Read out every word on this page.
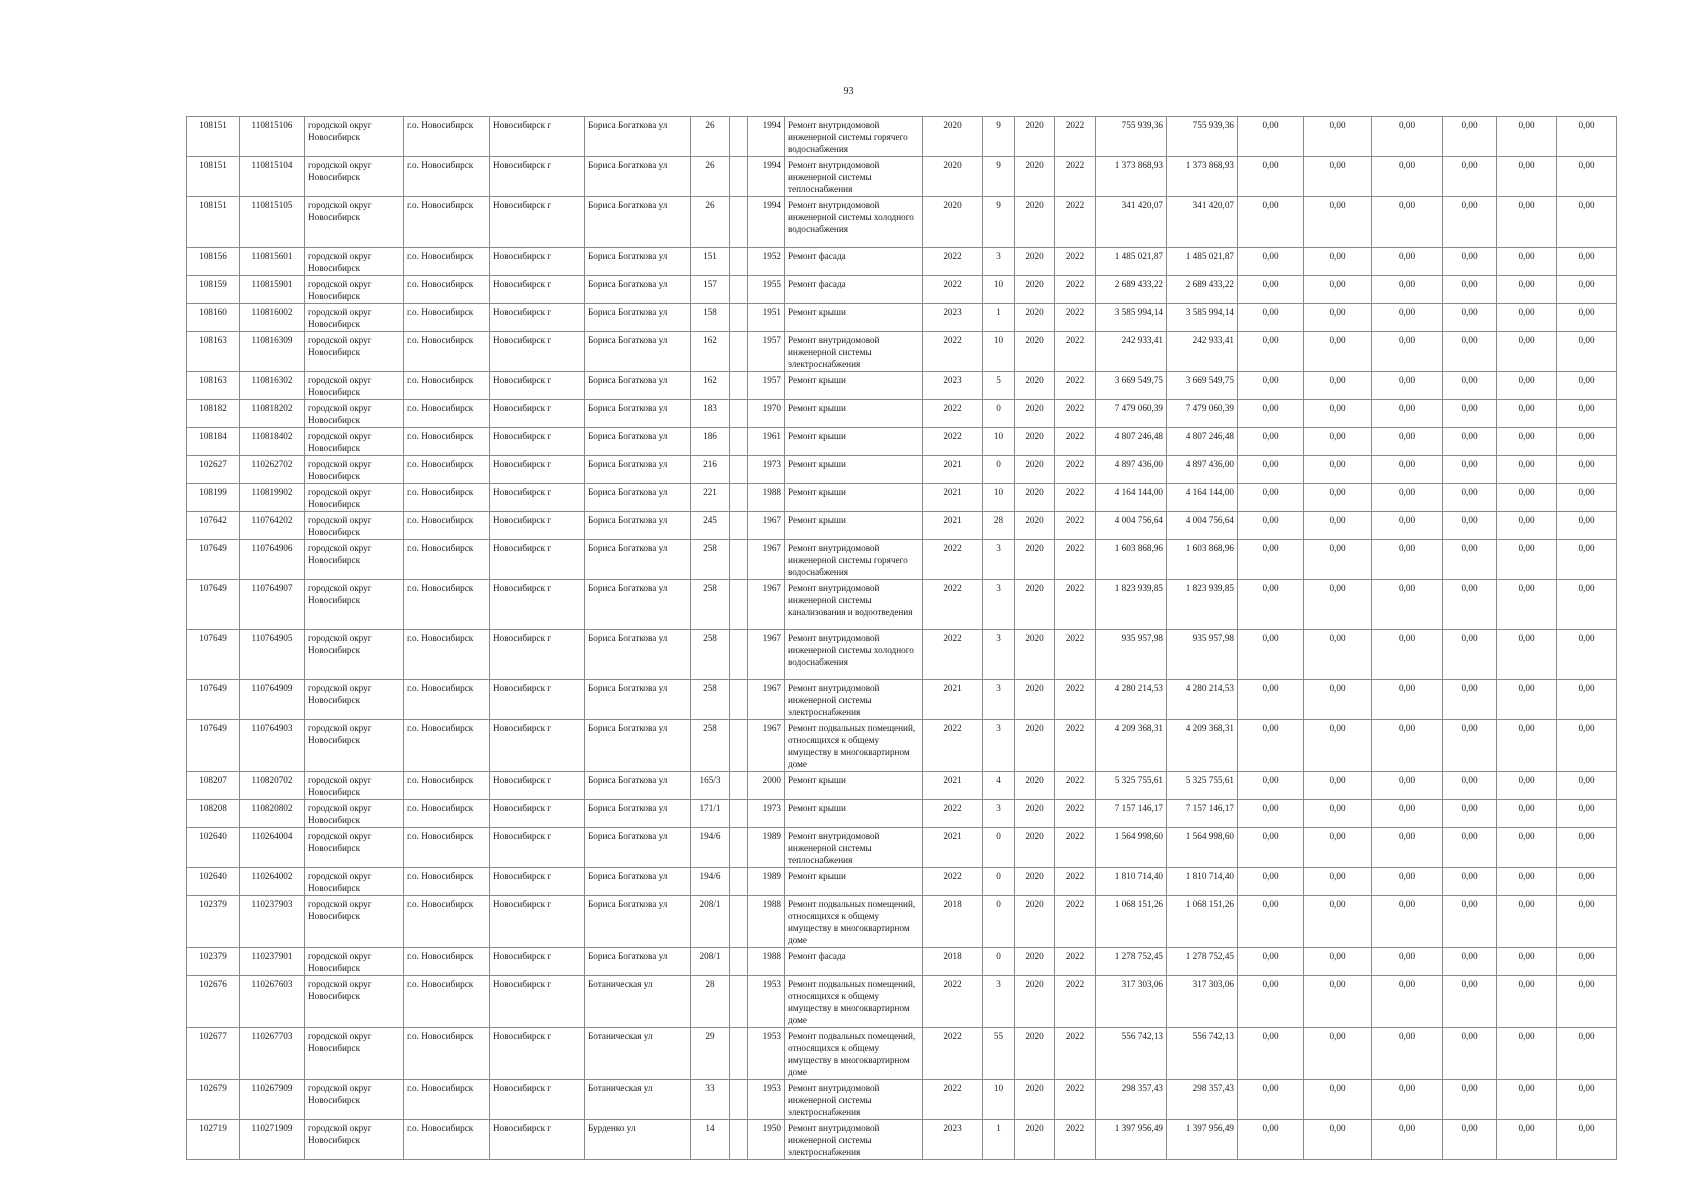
93
108151	110815106	городской округ Новосибирск	г.о. Новосибирск	Новосибирск г	Бориса Богаткова ул	26		1994	Ремонт внутридомовой инженерной системы горячего водоснабжения	2020	9	2020	2022	755 939,36	755 939,36	0,00	0,00	0,00	0,00	0,00	0,00
108151	110815104	городской округ Новосибирск	г.о. Новосибирск	Новосибирск г	Бориса Богаткова ул	26		1994	Ремонт внутридомовой инженерной системы теплоснабжения	2020	9	2020	2022	1 373 868,93	1 373 868,93	0,00	0,00	0,00	0,00	0,00	0,00
108151	110815105	городской округ Новосибирск	г.о. Новосибирск	Новосибирск г	Бориса Богаткова ул	26		1994	Ремонт внутридомовой инженерной системы холодного водоснабжения	2020	9	2020	2022	341 420,07	341 420,07	0,00	0,00	0,00	0,00	0,00	0,00
108156	110815601	городской округ Новосибирск	г.о. Новосибирск	Новосибирск г	Бориса Богаткова ул	151		1952	Ремонт фасада	2022	3	2020	2022	1 485 021,87	1 485 021,87	0,00	0,00	0,00	0,00	0,00	0,00
108159	110815901	городской округ Новосибирск	г.о. Новосибирск	Новосибирск г	Бориса Богаткова ул	157		1955	Ремонт фасада	2022	10	2020	2022	2 689 433,22	2 689 433,22	0,00	0,00	0,00	0,00	0,00	0,00
108160	110816002	городской округ Новосибирск	г.о. Новосибирск	Новосибирск г	Бориса Богаткова ул	158		1951	Ремонт крыши	2023	1	2020	2022	3 585 994,14	3 585 994,14	0,00	0,00	0,00	0,00	0,00	0,00
108163	110816309	городской округ Новосибирск	г.о. Новосибирск	Новосибирск г	Бориса Богаткова ул	162		1957	Ремонт внутридомовой инженерной системы электроснабжения	2022	10	2020	2022	242 933,41	242 933,41	0,00	0,00	0,00	0,00	0,00	0,00
108163	110816302	городской округ Новосибирск	г.о. Новосибирск	Новосибирск г	Бориса Богаткова ул	162		1957	Ремонт крыши	2023	5	2020	2022	3 669 549,75	3 669 549,75	0,00	0,00	0,00	0,00	0,00	0,00
108182	110818202	городской округ Новосибирск	г.о. Новосибирск	Новосибирск г	Бориса Богаткова ул	183		1970	Ремонт крыши	2022	0	2020	2022	7 479 060,39	7 479 060,39	0,00	0,00	0,00	0,00	0,00	0,00
108184	110818402	городской округ Новосибирск	г.о. Новосибирск	Новосибирск г	Бориса Богаткова ул	186		1961	Ремонт крыши	2022	10	2020	2022	4 807 246,48	4 807 246,48	0,00	0,00	0,00	0,00	0,00	0,00
102627	110262702	городской округ Новосибирск	г.о. Новосибирск	Новосибирск г	Бориса Богаткова ул	216		1973	Ремонт крыши	2021	0	2020	2022	4 897 436,00	4 897 436,00	0,00	0,00	0,00	0,00	0,00	0,00
108199	110819902	городской округ Новосибирск	г.о. Новосибирск	Новосибирск г	Бориса Богаткова ул	221		1988	Ремонт крыши	2021	10	2020	2022	4 164 144,00	4 164 144,00	0,00	0,00	0,00	0,00	0,00	0,00
107642	110764202	городской округ Новосибирск	г.о. Новосибирск	Новосибирск г	Бориса Богаткова ул	245		1967	Ремонт крыши	2021	28	2020	2022	4 004 756,64	4 004 756,64	0,00	0,00	0,00	0,00	0,00	0,00
107649	110764906	городской округ Новосибирск	г.о. Новосибирск	Новосибирск г	Бориса Богаткова ул	258		1967	Ремонт внутридомовой инженерной системы горячего водоснабжения	2022	3	2020	2022	1 603 868,96	1 603 868,96	0,00	0,00	0,00	0,00	0,00	0,00
107649	110764907	городской округ Новосибирск	г.о. Новосибирск	Новосибирск г	Бориса Богаткова ул	258		1967	Ремонт внутридомовой инженерной системы канализования и водоотведения	2022	3	2020	2022	1 823 939,85	1 823 939,85	0,00	0,00	0,00	0,00	0,00	0,00
107649	110764905	городской округ Новосибирск	г.о. Новосибирск	Новосибирск г	Бориса Богаткова ул	258		1967	Ремонт внутридомовой инженерной системы холодного водоснабжения	2022	3	2020	2022	935 957,98	935 957,98	0,00	0,00	0,00	0,00	0,00	0,00
107649	110764909	городской округ Новосибирск	г.о. Новосибирск	Новосибирск г	Бориса Богаткова ул	258		1967	Ремонт внутридомовой инженерной системы электроснабжения	2021	3	2020	2022	4 280 214,53	4 280 214,53	0,00	0,00	0,00	0,00	0,00	0,00
107649	110764903	городской округ Новосибирск	г.о. Новосибирск	Новосибирск г	Бориса Богаткова ул	258		1967	Ремонт подвальных помещений, относящихся к общему имуществу в многоквартирном доме	2022	3	2020	2022	4 209 368,31	4 209 368,31	0,00	0,00	0,00	0,00	0,00	0,00
108207	110820702	городской округ Новосибирск	г.о. Новосибирск	Новосибирск г	Бориса Богаткова ул	165/3		2000	Ремонт крыши	2021	4	2020	2022	5 325 755,61	5 325 755,61	0,00	0,00	0,00	0,00	0,00	0,00
108208	110820802	городской округ Новосибирск	г.о. Новосибирск	Новосибирск г	Бориса Богаткова ул	171/1		1973	Ремонт крыши	2022	3	2020	2022	7 157 146,17	7 157 146,17	0,00	0,00	0,00	0,00	0,00	0,00
102640	110264004	городской округ Новосибирск	г.о. Новосибирск	Новосибирск г	Бориса Богаткова ул	194/6		1989	Ремонт внутридомовой инженерной системы теплоснабжения	2021	0	2020	2022	1 564 998,60	1 564 998,60	0,00	0,00	0,00	0,00	0,00	0,00
102640	110264002	городской округ Новосибирск	г.о. Новосибирск	Новосибирск г	Бориса Богаткова ул	194/6		1989	Ремонт крыши	2022	0	2020	2022	1 810 714,40	1 810 714,40	0,00	0,00	0,00	0,00	0,00	0,00
102379	110237903	городской округ Новосибирск	г.о. Новосибирск	Новосибирск г	Бориса Богаткова ул	208/1		1988	Ремонт подвальных помещений, относящихся к общему имуществу в многоквартирном доме	2018	0	2020	2022	1 068 151,26	1 068 151,26	0,00	0,00	0,00	0,00	0,00	0,00
102379	110237901	городской округ Новосибирск	г.о. Новосибирск	Новосибирск г	Бориса Богаткова ул	208/1		1988	Ремонт фасада	2018	0	2020	2022	1 278 752,45	1 278 752,45	0,00	0,00	0,00	0,00	0,00	0,00
102676	110267603	городской округ Новосибирск	г.о. Новосибирск	Новосибирск г	Ботаническая ул	28		1953	Ремонт подвальных помещений, относящихся к общему имуществу в многоквартирном доме	2022	3	2020	2022	317 303,06	317 303,06	0,00	0,00	0,00	0,00	0,00	0,00
102677	110267703	городской округ Новосибирск	г.о. Новосибирск	Новосибирск г	Ботаническая ул	29		1953	Ремонт подвальных помещений, относящихся к общему имуществу в многоквартирном доме	2022	55	2020	2022	556 742,13	556 742,13	0,00	0,00	0,00	0,00	0,00	0,00
102679	110267909	городской округ Новосибирск	г.о. Новосибирск	Новосибирск г	Ботаническая ул	33		1953	Ремонт внутридомовой инженерной системы электроснабжения	2022	10	2020	2022	298 357,43	298 357,43	0,00	0,00	0,00	0,00	0,00	0,00
102719	110271909	городской округ Новосибирск	г.о. Новосибирск	Новосибирск г	Бурденко ул	14		1950	Ремонт внутридомовой инженерной системы электроснабжения	2023	1	2020	2022	1 397 956,49	1 397 956,49	0,00	0,00	0,00	0,00	0,00	0,00
